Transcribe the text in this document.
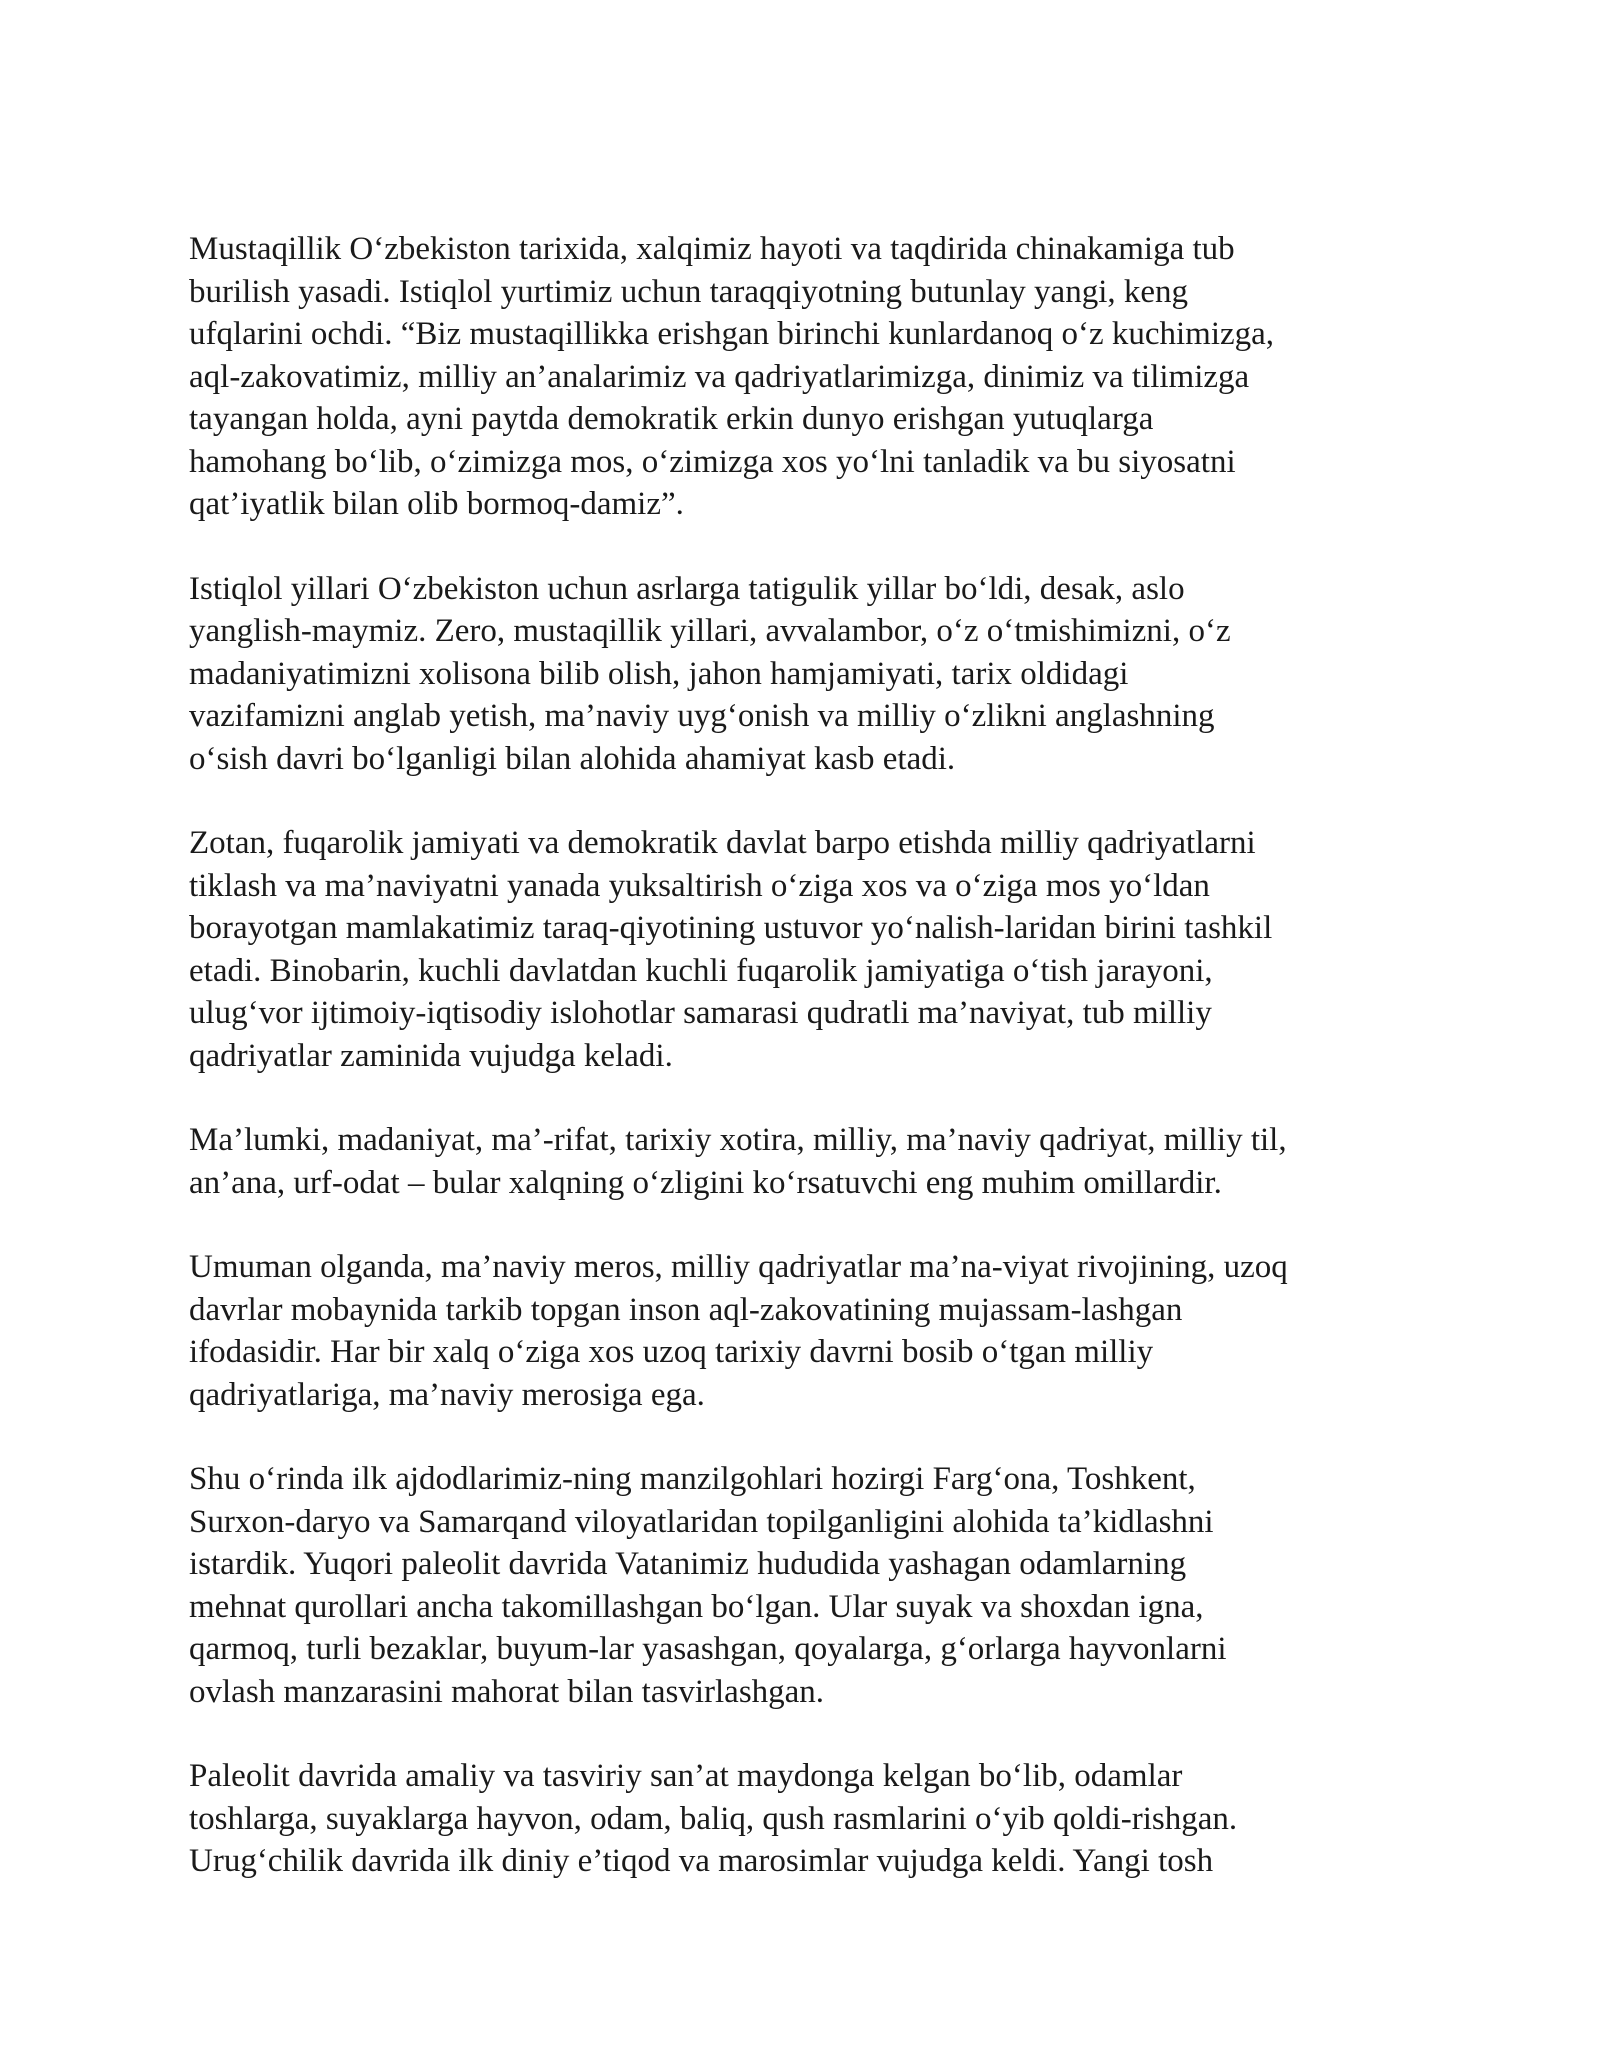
Mustaqillik O‘zbekiston tarixida, xalqimiz hayoti va taqdirida chinakamiga tub
burilish yasadi. Istiqlol yurtimiz uchun taraqqiyotning butunlay yangi, keng
ufqlarini ochdi. “Biz mustaqillikka erishgan birinchi kunlardanoq o‘z kuchimizga,
aql-zakovatimiz, milliy an’analarimiz va qadriyatlarimizga, dinimiz va tilimizga
tayangan holda, ayni paytda demokratik erkin dunyo erishgan yutuqlarga
hamohang bo‘lib, o‘zimizga mos, o‘zimizga xos yo‘lni tanladik va bu siyosatni
qat’iyatlik bilan olib bormoq-damiz”.

Istiqlol yillari O‘zbekiston uchun asrlarga tatigulik yillar bo‘ldi, desak, aslo
yanglish-maymiz. Zero, mustaqillik yillari, avvalambor, o‘z o‘tmishimizni, o‘z
madaniyatimizni xolisona bilib olish, jahon hamjamiyati, tarix oldidagi
vazifamizni anglab yetish, ma’naviy uyg‘onish va milliy o‘zlikni anglashning
o‘sish davri bo‘lganligi bilan alohida ahamiyat kasb etadi.

Zotan, fuqarolik jamiyati va demokratik davlat barpo etishda milliy qadriyatlarni
tiklash va ma’naviyatni yanada yuksaltirish o‘ziga xos va o‘ziga mos yo‘ldan
borayotgan mamlakatimiz taraq-qiyotining ustuvor yo‘nalish-laridan birini tashkil
etadi. Binobarin, kuchli davlatdan kuchli fuqarolik jamiyatiga o‘tish jarayoni,
ulug‘vor ijtimoiy-iqtisodiy islohotlar samarasi qudratli ma’naviyat, tub milliy
qadriyatlar zaminida vujudga keladi.

Ma’lumki, madaniyat, ma’-rifat, tarixiy xotira, milliy, ma’naviy qadriyat, milliy til,
an’ana, urf-odat – bular xalqning o‘zligini ko‘rsatuvchi eng muhim omillardir.

Umuman olganda, ma’naviy meros, milliy qadriyatlar ma’na-viyat rivojining, uzoq
davrlar mobaynida tarkib topgan inson aql-zakovatining mujassam-lashgan
ifodasidir. Har bir xalq o‘ziga xos uzoq tarixiy davrni bosib o‘tgan milliy
qadriyatlariga, ma’naviy merosiga ega.

Shu o‘rinda ilk ajdodlarimiz-ning manzilgohlari hozirgi Farg‘ona, Toshkent,
Surxon-daryo va Samarqand viloyatlaridan topilganligini alohida ta’kidlashni
istardik. Yuqori paleolit davrida Vatanimiz hududida yashagan odamlarning
mehnat qurollari ancha takomillashgan bo‘lgan. Ular suyak va shoxdan igna,
qarmoq, turli bezaklar, buyum-lar yasashgan, qoyalarga, g‘orlarga hayvonlarni
ovlash manzarasini mahorat bilan tasvirlashgan.

Paleolit davrida amaliy va tasviriy san’at maydonga kelgan bo‘lib, odamlar
toshlarga, suyaklarga hayvon, odam, baliq, qush rasmlarini o‘yib qoldi-rishgan.
Urug‘chilik davrida ilk diniy e’tiqod va marosimlar vujudga keldi. Yangi tosh
